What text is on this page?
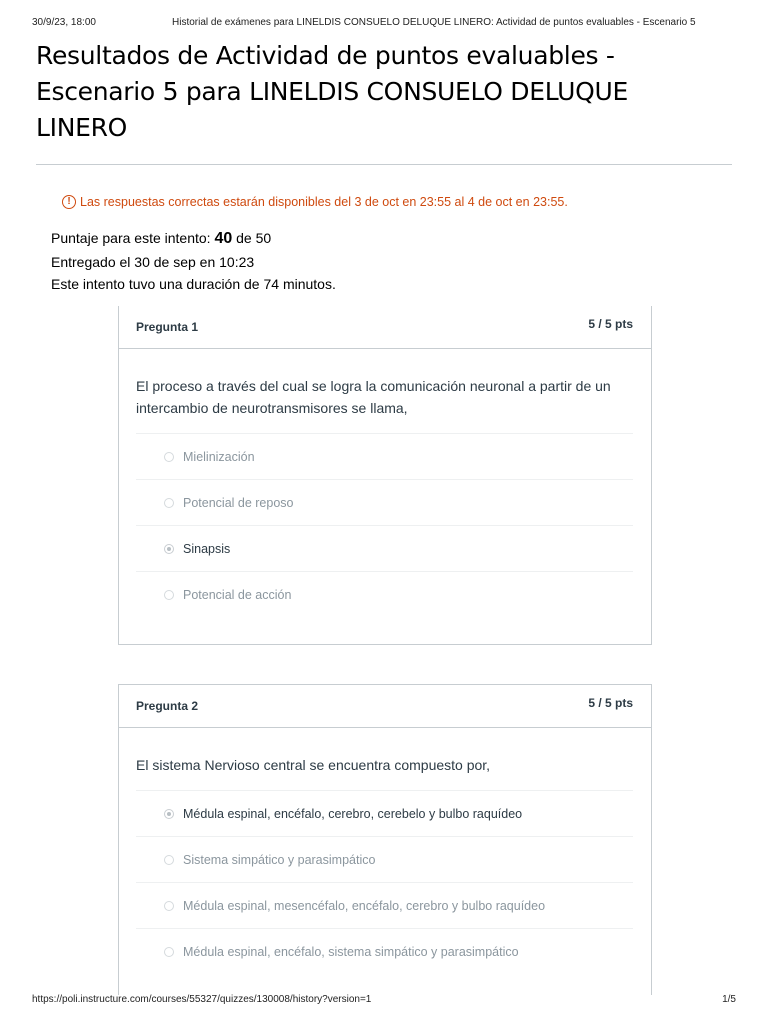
30/9/23, 18:00	Historial de exámenes para LINELDIS CONSUELO DELUQUE LINERO: Actividad de puntos evaluables - Escenario 5
Resultados de Actividad de puntos evaluables - Escenario 5 para LINELDIS CONSUELO DELUQUE LINERO
! Las respuestas correctas estarán disponibles del 3 de oct en 23:55 al 4 de oct en 23:55.
Puntaje para este intento: 40 de 50
Entregado el 30 de sep en 10:23
Este intento tuvo una duración de 74 minutos.
Pregunta 1	5 / 5 pts

El proceso a través del cual se logra la comunicación neuronal a partir de un intercambio de neurotransmisores se llama,

Mielinización
Potencial de reposo
Sinapsis
Potencial de acción
Pregunta 2	5 / 5 pts

El sistema Nervioso central se encuentra compuesto por,

Médula espinal, encéfalo, cerebro, cerebelo y bulbo raquídeo
Sistema simpático y parasimpático
Médula espinal, mesencéfalo, encéfalo, cerebro y bulbo raquídeo
Médula espinal, encéfalo, sistema simpático y parasimpático
https://poli.instructure.com/courses/55327/quizzes/130008/history?version=1	1/5
